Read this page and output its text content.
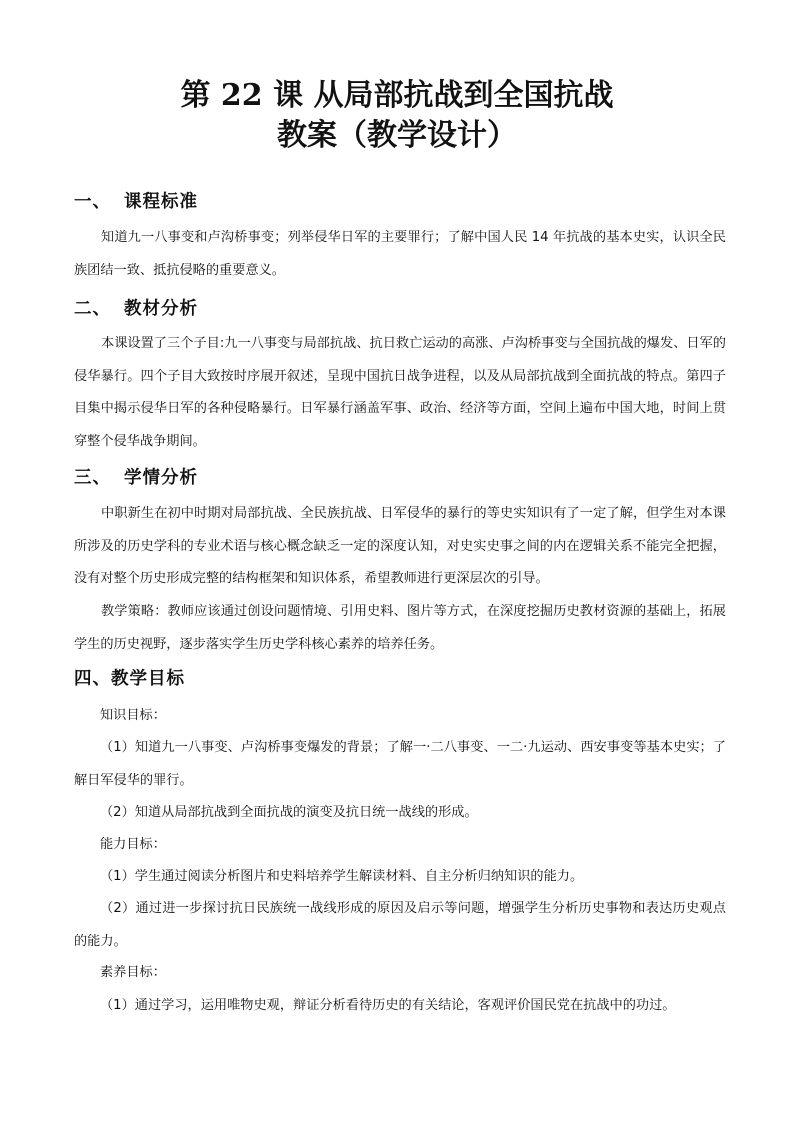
第 22 课 从局部抗战到全国抗战
教案（教学设计）
一、 课程标准

知道九一八事变和卢沟桥事变；列举侵华日军的主要罪行；了解中国人民 14 年抗战的基本史实，认识全民族团结一致、抵抗侵略的重要意义。

二、 教材分析

本课设置了三个子目:九一八事变与局部抗战、抗日救亡运动的高涨、卢沟桥事变与全国抗战的爆发、日军的侵华暴行。四个子目大致按时序展开叙述，呈现中国抗日战争进程，以及从局部抗战到全面抗战的特点。第四子目集中揭示侵华日军的各种侵略暴行。日军暴行涵盖军事、政治、经济等方面，空间上遍布中国大地，时间上贯穿整个侵华战争期间。

三、 学情分析

中职新生在初中时期对局部抗战、全民族抗战、日军侵华的暴行的等史实知识有了一定了解，但学生对本课所涉及的历史学科的专业术语与核心概念缺乏一定的深度认知，对史实史事之间的内在逻辑关系不能完全把握，没有对整个历史形成完整的结构框架和知识体系，希望教师进行更深层次的引导。

教学策略：教师应该通过创设问题情境、引用史料、图片等方式，在深度挖掘历史教材资源的基础上，拓展学生的历史视野，逐步落实学生历史学科核心素养的培养任务。

四、教学目标

知识目标：

（1）知道九一八事变、卢沟桥事变爆发的背景；了解一·二八事变、一二·九运动、西安事变等基本史实；了解日军侵华的罪行。

（2）知道从局部抗战到全面抗战的演变及抗日统一战线的形成。

能力目标：

（1）学生通过阅读分析图片和史料培养学生解读材料、自主分析归纳知识的能力。

（2）通过进一步探讨抗日民族统一战线形成的原因及启示等问题，增强学生分析历史事物和表达历史观点的能力。

素养目标：

（1）通过学习，运用唯物史观，辩证分析看待历史的有关结论，客观评价国民党在抗战中的功过。
